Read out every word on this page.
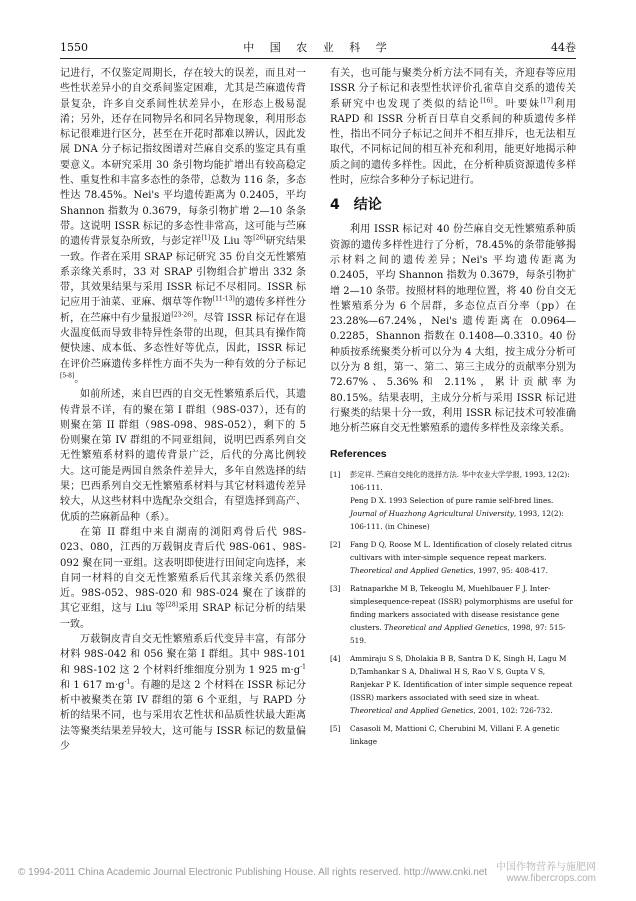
1550	中 国 农 业 科 学	44卷

记进行，不仅鉴定周期长，存在较大的误差，而且对一些性状差异小的自交系间鉴定困难，尤其是苎麻遗传背景复杂，许多自交系间性状差异小，在形态上极易混淆；另外，还存在同物异名和同名异物现象，利用形态标记很难进行区分，甚至在开花时都难以辨认，因此发展 DNA 分子标记指纹图谱对苎麻自交系的鉴定具有重要意义。本研究采用 30 条引物均能扩增出有较高稳定性、重复性和丰富多态性的条带，总数为 116 条，多态性达 78.45%。Nei's 平均遗传距离为 0.2405，平均 Shannon 指数为 0.3679，每条引物扩增 2—10 条条带。这说明 ISSR 标记的多态性非常高，这可能与苎麻的遗传背景复杂所致，与彭定祥[1]及 Liu 等[26]研究结果一致。作者在采用 SRAP 标记研究 35 份自交无性繁殖系亲缘关系时，33 对 SRAP 引物组合扩增出 332 条带，其效果结果与采用 ISSR 标记不尽相同。ISSR 标记应用于油菜、亚麻、烟草等作物[11-13]的遗传多样性分析，在苎麻中有少量报道[23-26]。尽管 ISSR 标记存在退火温度低而导致非特异性条带的出现，但其具有操作简便快速、成本低、多态性好等优点，因此，ISSR 标记在评价苎麻遗传多样性方面不失为一种有效的分子标记[5-8]。

如前所述，来自巴西的自交无性繁殖系后代，其遗传背景不详，有的聚在第 I 群组（98S-037），还有的则聚在第 II 群组（98S-098、98S-052），剩下的 5 份则聚在第 IV 群组的不同亚组间，说明巴西系列自交无性繁殖系材料的遗传背景广泛，后代的分离比例较大。这可能是两国自然条件差异大，多年自然选择的结果；巴西系列自交无性繁殖系材料与其它材料遗传差异较大，从这些材料中选配杂交组合，有望选择到高产、优质的苎麻新品种（系）。

在第 II 群组中来自湖南的浏阳鸡骨后代 98S-023、080，江西的万载铜皮青后代 98S-061、98S-092 聚在同一亚组。这表明即使进行田间定向选择，来自同一材料的自交无性繁殖系后代其亲缘关系仍然很近。98S-052、98S-020 和 98S-024 聚在了该群的其它亚组，这与 Liu 等[28]采用 SRAP 标记分析的结果一致。

万载铜皮青自交无性繁殖系后代变异丰富，有部分材料 98S-042 和 056 聚在第 I 群组。其中 98S-101 和 98S-102 这 2 个材料纤维细度分别为 1 925 $m\cdot g^{-1}$ 和 1 617 $m\cdot g^{-1}$。有趣的是这 2 个材料在 ISSR 标记分析中被聚类在第 IV 群组的第 6 个亚组，与 RAPD 分析的结果不同，也与采用农艺性状和品质性状最大距离法等聚类结果差异较大，这可能与 ISSR 标记的数量偏少

有关，也可能与聚类分析方法不同有关，齐迎春等应用 ISSR 分子标记和表型性状评价孔雀草自交系的遗传关系研究中也发现了类似的结论[16]。叶要妹[17]利用 RAPD 和 ISSR 分析百日草自交系间的种质遗传多样性，指出不同分子标记之间并不相互排斥，也无法相互取代，不同标记间的相互补充和利用，能更好地揭示种质之间的遗传多样性。因此，在分析种质资源遗传多样性时，应综合多种分子标记进行。

4　结论

利用 ISSR 标记对 40 份苎麻自交无性繁殖系种质资源的遗传多样性进行了分析，78.45%的条带能够揭示材料之间的遗传差异；Nei's 平均遗传距离为 0.2405，平均 Shannon 指数为 0.3679，每条引物扩增 2—10 条带。按照材料的地理位置，将 40 份自交无性繁殖系分为 6 个居群，多态位点百分率（pp）在 23.28%—67.24%，Nei's 遗传距离在 0.0964—0.2285，Shannon 指数在 0.1408—0.3310。40 份种质按系统聚类分析可以分为 4 大组，按主成分分析可以分为 8 组，第一、第二、第三主成分的贡献率分别为 72.67%、5.36%和 2.11%，累计贡献率为 80.15%。结果表明，主成分分析与采用 ISSR 标记进行聚类的结果十分一致，利用 ISSR 标记技术可较准确地分析苎麻自交无性繁殖系的遗传多样性及亲缘关系。

References
[1] 彭定祥. 苎麻自交纯化的选择方法. 华中农业大学学报, 1993, 12(2): 106-111.
Peng D X. 1993 Selection of pure ramie self-bred lines. Journal of Huazhong Agricultural University, 1993, 12(2): 106-111. (in Chinese)
[2] Fang D Q, Roose M L. Identification of closely related citrus cultivars with inter-simple sequence repeat markers. Theoretical and Applied Genetics, 1997, 95: 408-417.
[3] Ratnaparkhe M B, Tekeoglu M, Muehlbauer F J. Inter-simplesequence-repeat (ISSR) polymorphisms are useful for finding markers associated with disease resistance gene clusters. Theoretical and Applied Genetics, 1998, 97: 515-519.
[4] Ammiraju S S, Dholakia B B, Santra D K, Singh H, Lagu M D,Tamhankar S A, Dhaliwal H S, Rao V S, Gupta V S, Ranjekar P K. Identification of inter simple sequence repeat (ISSR) markers associated with seed size in wheat. Theoretical and Applied Genetics, 2001, 102: 726-732.
[5] Casasoli M, Mattioni C, Cherubini M, Villani F. A genetic linkage
© 1994-2011 China Academic Journal Electronic Publishing House. All rights reserved. http://www.cnki.net 中国作物营养与施肥网
www.fibercrops.com
